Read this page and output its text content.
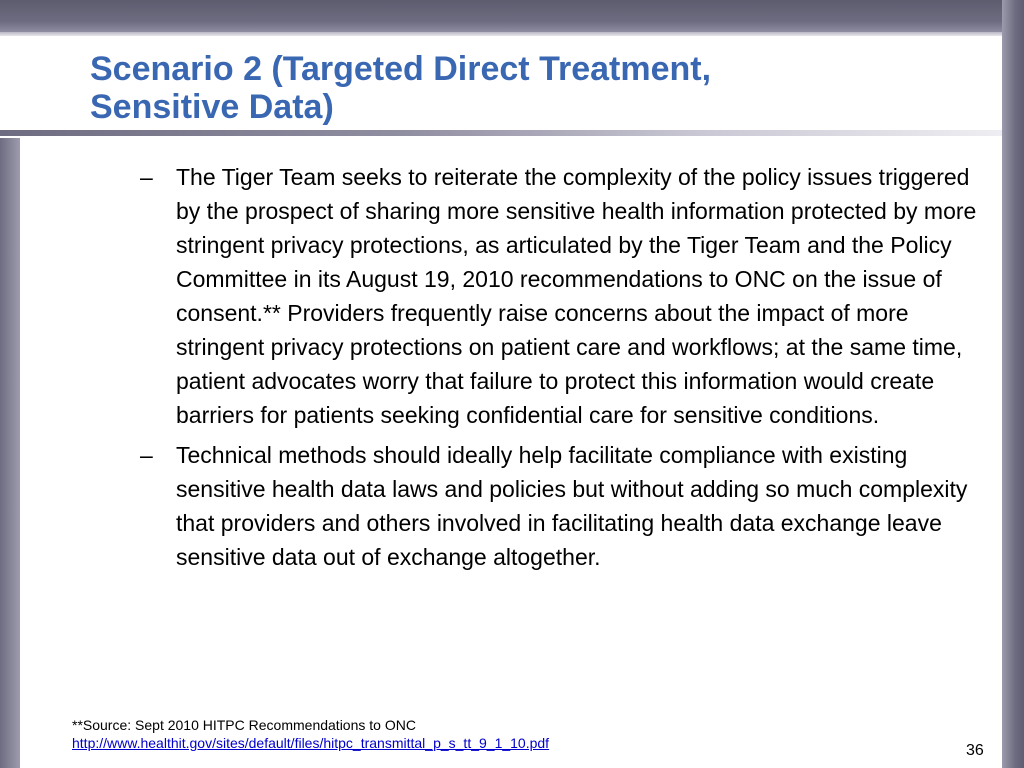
Scenario 2 (Targeted Direct Treatment,
Sensitive Data)
–	The Tiger Team seeks to reiterate the complexity of the policy issues triggered by the prospect of sharing more sensitive health information protected by more stringent privacy protections, as articulated by the Tiger Team and the Policy Committee in its August 19, 2010 recommendations to ONC on the issue of consent.** Providers frequently raise concerns about the impact of more stringent privacy protections on patient care and workflows; at the same time, patient advocates worry that failure to protect this information would create barriers for patients seeking confidential care for sensitive conditions.
–	Technical methods should ideally help facilitate compliance with existing sensitive health data laws and policies but without adding so much complexity that providers and others involved in facilitating health data exchange leave sensitive data out of exchange altogether.
**Source: Sept 2010 HITPC Recommendations to ONC
http://www.healthit.gov/sites/default/files/hitpc_transmittal_p_s_tt_9_1_10.pdf	36
